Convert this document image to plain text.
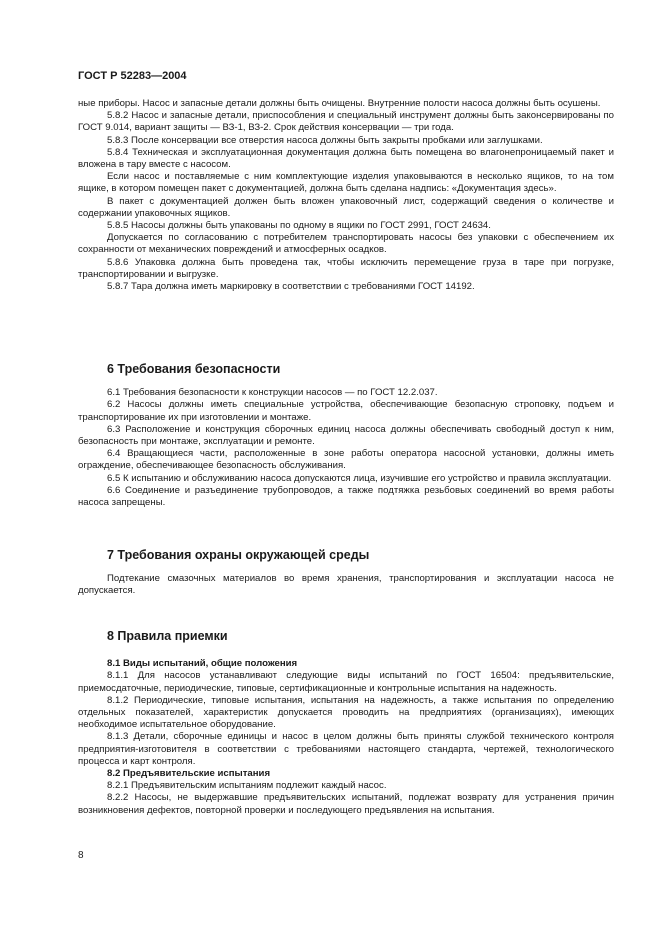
ГОСТ Р 52283—2004

ные приборы. Насос и запасные детали должны быть очищены. Внутренние полости насоса должны быть осушены.

5.8.2 Насос и запасные детали, приспособления и специальный инструмент должны быть законсервированы по ГОСТ 9.014, вариант защиты — ВЗ-1, ВЗ-2. Срок действия консервации — три года.

5.8.3 После консервации все отверстия насоса должны быть закрыты пробками или заглушками.

5.8.4 Техническая и эксплуатационная документация должна быть помещена во влагонепроницаемый пакет и вложена в тару вместе с насосом.

Если насос и поставляемые с ним комплектующие изделия упаковываются в несколько ящиков, то на том ящике, в котором помещен пакет с документацией, должна быть сделана надпись: «Документация здесь».

В пакет с документацией должен быть вложен упаковочный лист, содержащий сведения о количестве и содержании упаковочных ящиков.

5.8.5 Насосы должны быть упакованы по одному в ящики по ГОСТ 2991, ГОСТ 24634.

Допускается по согласованию с потребителем транспортировать насосы без упаковки с обеспечением их сохранности от механических повреждений и атмосферных осадков.

5.8.6 Упаковка должна быть проведена так, чтобы исключить перемещение груза в таре при погрузке, транспортировании и выгрузке.

5.8.7 Тара должна иметь маркировку в соответствии с требованиями ГОСТ 14192.

6 Требования безопасности

6.1 Требования безопасности к конструкции насосов — по ГОСТ 12.2.037.

6.2 Насосы должны иметь специальные устройства, обеспечивающие безопасную строповку, подъем и транспортирование их при изготовлении и монтаже.

6.3 Расположение и конструкция сборочных единиц насоса должны обеспечивать свободный доступ к ним, безопасность при монтаже, эксплуатации и ремонте.

6.4 Вращающиеся части, расположенные в зоне работы оператора насосной установки, должны иметь ограждение, обеспечивающее безопасность обслуживания.

6.5 К испытанию и обслуживанию насоса допускаются лица, изучившие его устройство и правила эксплуатации.

6.6 Соединение и разъединение трубопроводов, а также подтяжка резьбовых соединений во время работы насоса запрещены.

7 Требования охраны окружающей среды

Подтекание смазочных материалов во время хранения, транспортирования и эксплуатации насоса не допускается.

8 Правила приемки

8.1 Виды испытаний, общие положения

8.1.1 Для насосов устанавливают следующие виды испытаний по ГОСТ 16504: предъявительские, приемосдаточные, периодические, типовые, сертификационные и контрольные испытания на надежность.

8.1.2 Периодические, типовые испытания, испытания на надежность, а также испытания по определению отдельных показателей, характеристик допускается проводить на предприятиях (организациях), имеющих необходимое испытательное оборудование.

8.1.3 Детали, сборочные единицы и насос в целом должны быть приняты службой технического контроля предприятия-изготовителя в соответствии с требованиями настоящего стандарта, чертежей, технологического процесса и карт контроля.

8.2 Предъявительские испытания

8.2.1 Предъявительским испытаниям подлежит каждый насос.

8.2.2 Насосы, не выдержавшие предъявительских испытаний, подлежат возврату для устранения причин возникновения дефектов, повторной проверки и последующего предъявления на испытания.

8
